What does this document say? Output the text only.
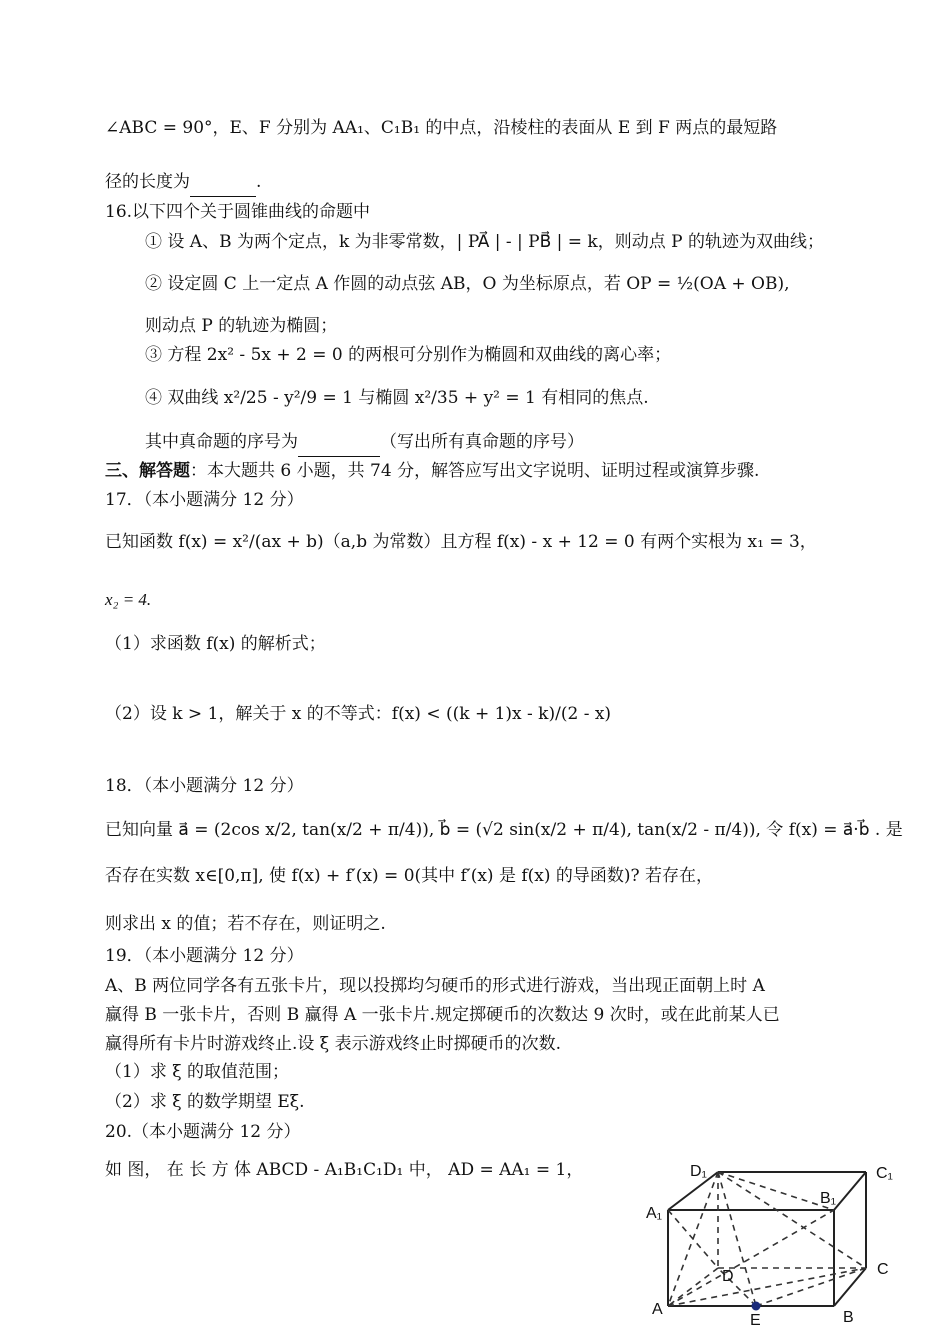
∠ABC = 90°，E、F 分别为 AA₁、C₁B₁ 的中点，沿棱柱的表面从 E 到 F 两点的最短路
径的长度为	.
16.以下四个关于圆锥曲线的命题中
① 设 A、B 为两个定点，k 为非零常数，| PA⃗ | - | PB⃗ | = k，则动点 P 的轨迹为双曲线；
② 设定圆 C 上一定点 A 作圆的动点弦 AB，O 为坐标原点，若 OP = ½(OA + OB),
则动点 P 的轨迹为椭圆；
③ 方程 2x² - 5x + 2 = 0 的两根可分别作为椭圆和双曲线的离心率；
④ 双曲线 x²/25 - y²/9 = 1 与椭圆 x²/35 + y² = 1 有相同的焦点.
其中真命题的序号为	（写出所有真命题的序号）
三、解答题：本大题共 6 小题，共 74 分，解答应写出文字说明、证明过程或演算步骤.
17．（本小题满分 12 分）
已知函数 f(x) = x²/(ax + b)（a,b 为常数）且方程 f(x) - x + 12 = 0 有两个实根为 x₁ = 3，
x₂ = 4.
（1）求函数 f(x) 的解析式；
（2）设 k > 1，解关于 x 的不等式：f(x) < ((k + 1)x - k)/(2 - x)
18．（本小题满分 12 分）
已知向量 a⃗ = (2cos x/2, tan(x/2 + π/4)), b⃗ = (√2 sin(x/2 + π/4), tan(x/2 - π/4)), 令 f(x) = a⃗·b⃗ . 是
否存在实数 x∈[0,π], 使 f(x) + f′(x) = 0(其中 f′(x) 是 f(x) 的导函数)? 若存在，
则求出 x 的值；若不存在，则证明之.
19．（本小题满分 12 分）
A、B 两位同学各有五张卡片，现以投掷均匀硬币的形式进行游戏，当出现正面朝上时 A
赢得 B 一张卡片，否则 B 赢得 A 一张卡片.规定掷硬币的次数达 9 次时，或在此前某人已
赢得所有卡片时游戏终止.设 ξ 表示游戏终止时掷硬币的次数.
（1）求 ξ 的取值范围；
（2）求 ξ 的数学期望 Eξ.
20.（本小题满分 12 分）
如 图， 在 长 方 体 ABCD - A₁B₁C₁D₁ 中， AD = AA₁ = 1，	D₁	C₁
B₁
A₁
D	C
A
E	B
